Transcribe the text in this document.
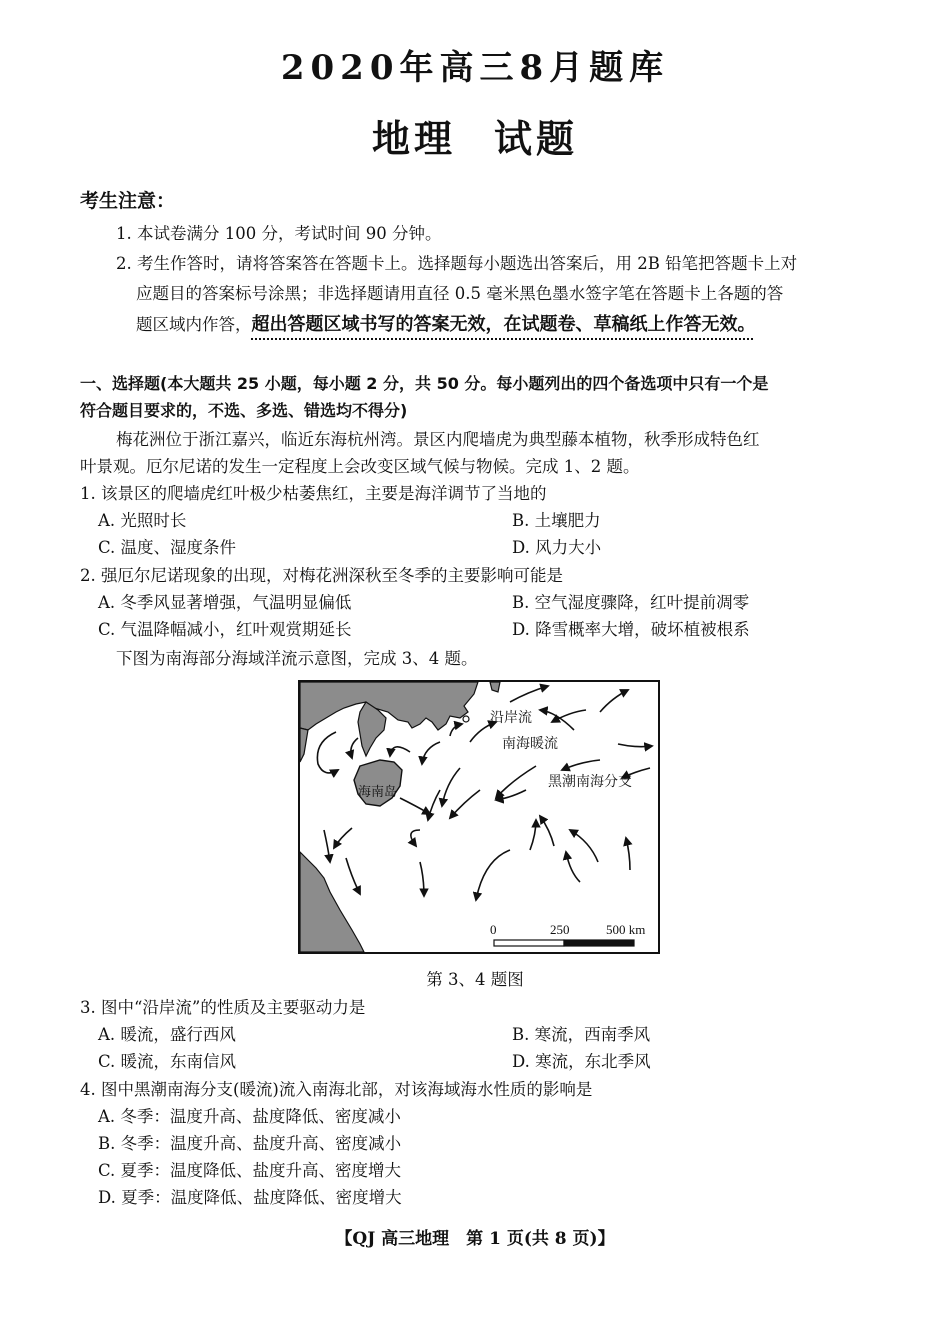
2020年高三8月题库
地理 试题
考生注意：
1. 本试卷满分 100 分，考试时间 90 分钟。
2. 考生作答时，请将答案答在答题卡上。选择题每小题选出答案后，用 2B 铅笔把答题卡上对
应题目的答案标号涂黑；非选择题请用直径 0.5 毫米黑色墨水签字笔在答题卡上各题的答
题区域内作答，超出答题区域书写的答案无效，在试题卷、草稿纸上作答无效。
一、选择题(本大题共 25 小题，每小题 2 分，共 50 分。每小题列出的四个备选项中只有一个是
符合题目要求的，不选、多选、错选均不得分)
梅花洲位于浙江嘉兴，临近东海杭州湾。景区内爬墙虎为典型藤本植物，秋季形成特色红
叶景观。厄尔尼诺的发生一定程度上会改变区域气候与物候。完成 1、2 题。
1. 该景区的爬墙虎红叶极少枯萎焦红，主要是海洋调节了当地的
A. 光照时长	B. 土壤肥力
C. 温度、湿度条件	D. 风力大小
2. 强厄尔尼诺现象的出现，对梅花洲深秋至冬季的主要影响可能是
A. 冬季风显著增强，气温明显偏低	B. 空气湿度骤降，红叶提前凋零
C. 气温降幅减小，红叶观赏期延长	D. 降雪概率大增，破坏植被根系
下图为南海部分海域洋流示意图，完成 3、4 题。
沿岸流
南海暖流
黑潮南海分支
海南岛
0	250	500 km
第 3、4 题图
3. 图中“沿岸流”的性质及主要驱动力是
A. 暖流，盛行西风	B. 寒流，西南季风
C. 暖流，东南信风	D. 寒流，东北季风
4. 图中黑潮南海分支(暖流)流入南海北部，对该海域海水性质的影响是
A. 冬季：温度升高、盐度降低、密度减小
B. 冬季：温度升高、盐度升高、密度减小
C. 夏季：温度降低、盐度升高、密度增大
D. 夏季：温度降低、盐度降低、密度增大
【QJ 高三地理　第 1 页(共 8 页)】
